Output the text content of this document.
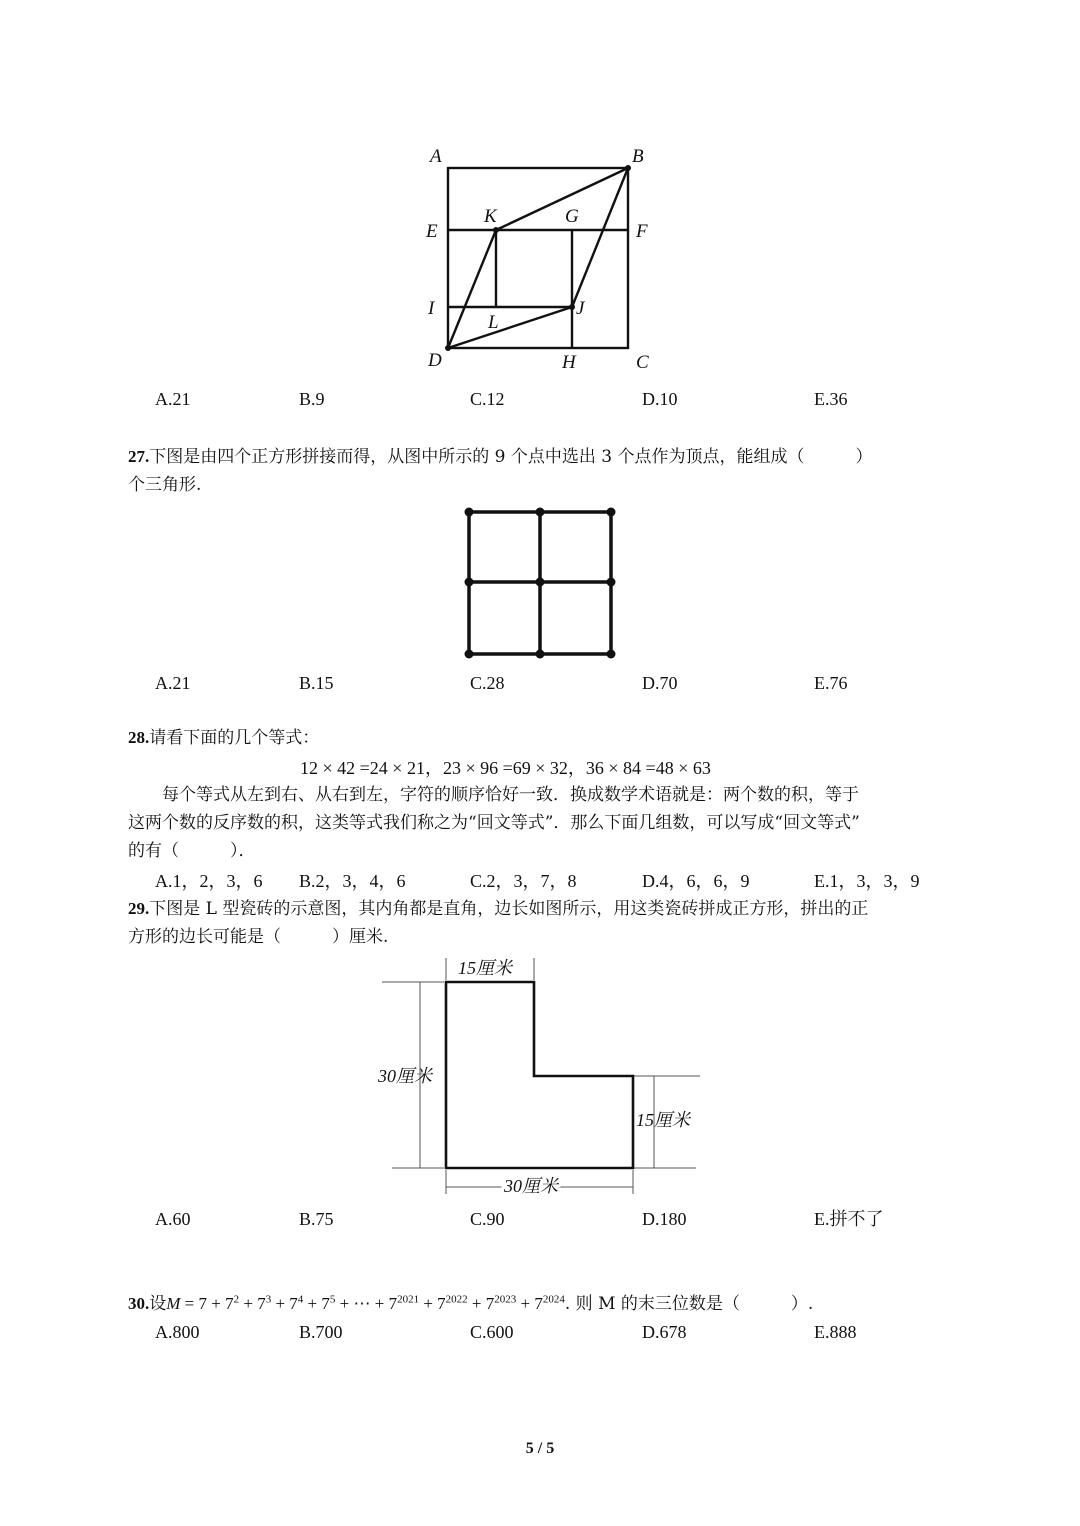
A	B
E
K	G
F
I	J
L
D	H	C
A.21	B.9	C.12	D.10	E.36
27.下图是由四个正方形拼接而得，从图中所示的 9 个点中选出 3 个点作为顶点，能组成（　　　）
个三角形.
A.21	B.15	C.28	D.70	E.76
28.请看下面的几个等式：
12 × 42 =24 × 21，23 × 96 =69 × 32，36 × 84 =48 × 63
每个等式从左到右、从右到左，字符的顺序恰好一致．换成数学术语就是：两个数的积，等于
这两个数的反序数的积，这类等式我们称之为“回文等式”．那么下面几组数，可以写成“回文等式”
的有（　　　）．
A.1，2，3，6 B.2，3，4，6	C.2，3，7，8	D.4，6，6，9	E.1，3，3，9
29.下图是 L 型瓷砖的示意图，其内角都是直角，边长如图所示，用这类瓷砖拼成正方形，拼出的正
方形的边长可能是（　　　）厘米.
15厘米
30厘米
15厘米
30厘米
A.60	B.75	C.90	D.180	E.拼不了
30.设$M = 7 + 7^2 + 7^3 + 7^4 + 7^5$ + ⋯ + $7^{2021} + 7^{2022} + 7^{2023} + 7^{2024}$. 则 M 的末三位数是（　　　）.
A.800	B.700	C.600	D.678	E.888
5 / 5
